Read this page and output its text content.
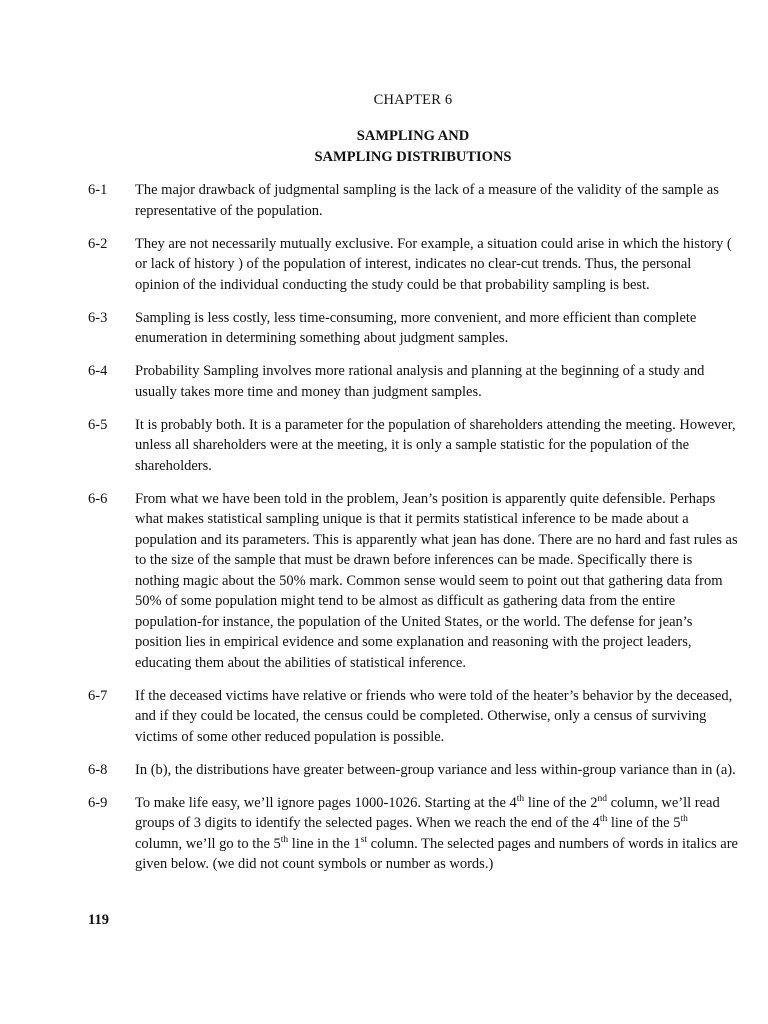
CHAPTER 6
SAMPLING AND
SAMPLING DISTRIBUTIONS
6-1	The major drawback of judgmental sampling is the lack of a measure of the validity of the sample as representative of the population.
6-2	They are not necessarily mutually exclusive. For example, a situation could arise in which the history ( or lack of history ) of the population of interest, indicates no clear-cut trends. Thus, the personal opinion of the individual conducting the study could be that probability sampling is best.
6-3	Sampling is less costly, less time-consuming, more convenient, and more efficient than complete enumeration in determining something about judgment samples.
6-4	Probability Sampling involves more rational analysis and planning at the beginning of a study and usually takes more time and money than judgment samples.
6-5	It is probably both. It is a parameter for the population of shareholders attending the meeting. However, unless all shareholders were at the meeting, it is only a sample statistic for the population of the shareholders.
6-6	From what we have been told in the problem, Jean’s position is apparently quite defensible. Perhaps what makes statistical sampling unique is that it permits statistical inference to be made about a population and its parameters. This is apparently what jean has done. There are no hard and fast rules as to the size of the sample that must be drawn before inferences can be made. Specifically there is nothing magic about the 50% mark. Common sense would seem to point out that gathering data from 50% of some population might tend to be almost as difficult as gathering data from the entire population-for instance, the population of the United States, or the world. The defense for jean’s position lies in empirical evidence and some explanation and reasoning with the project leaders, educating them about the abilities of statistical inference.
6-7	If the deceased victims have relative or friends who were told of the heater’s behavior by the deceased, and if they could be located, the census could be completed. Otherwise, only a census of surviving victims of some other reduced population is possible.
6-8	In (b), the distributions have greater between-group variance and less within-group variance than in (a).
6-9	To make life easy, we’ll ignore pages 1000-1026. Starting at the 4th line of the 2nd column, we’ll read groups of 3 digits to identify the selected pages. When we reach the end of the 4th line of the 5th column, we’ll go to the 5th line in the 1st column. The selected pages and numbers of words in italics are given below. (we did not count symbols or number as words.)
119
